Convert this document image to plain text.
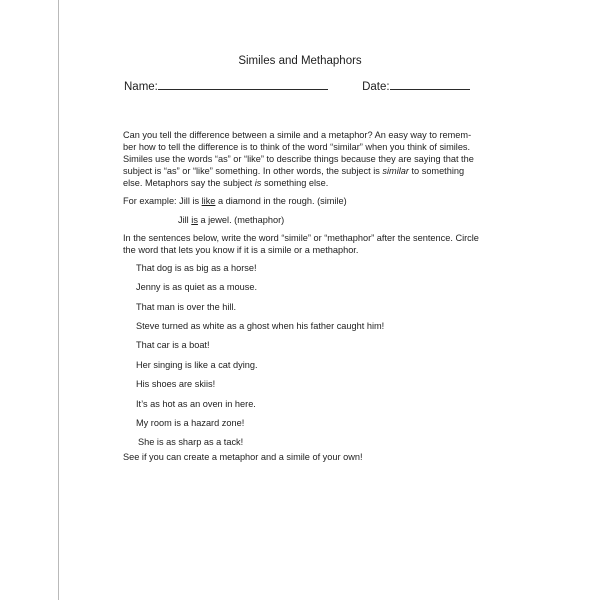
Similes and Methaphors
Name:	Date:

Can you tell the difference between a simile and a metaphor? An easy way to remem-
ber how to tell the difference is to think of the word “similar” when you think of similes.
Similes use the words “as” or “like” to describe things because they are saying that the
subject is “as” or “like” something. In other words, the subject is similar to something
else. Metaphors say the subject is something else.

For example: Jill is like a diamond in the rough. (simile)

Jill is a jewel. (methaphor)

In the sentences below, write the word “simile” or “methaphor” after the sentence. Circle
the word that lets you know if it is a simile or a methaphor.

That dog is as big as a horse!
Jenny is as quiet as a mouse.
That man is over the hill.
Steve turned as white as a ghost when his father caught him!
That car is a boat!
Her singing is like a cat dying.
His shoes are skiis!
It’s as hot as an oven in here.
My room is a hazard zone!
She is as sharp as a tack!

See if you can create a metaphor and a simile of your own!
